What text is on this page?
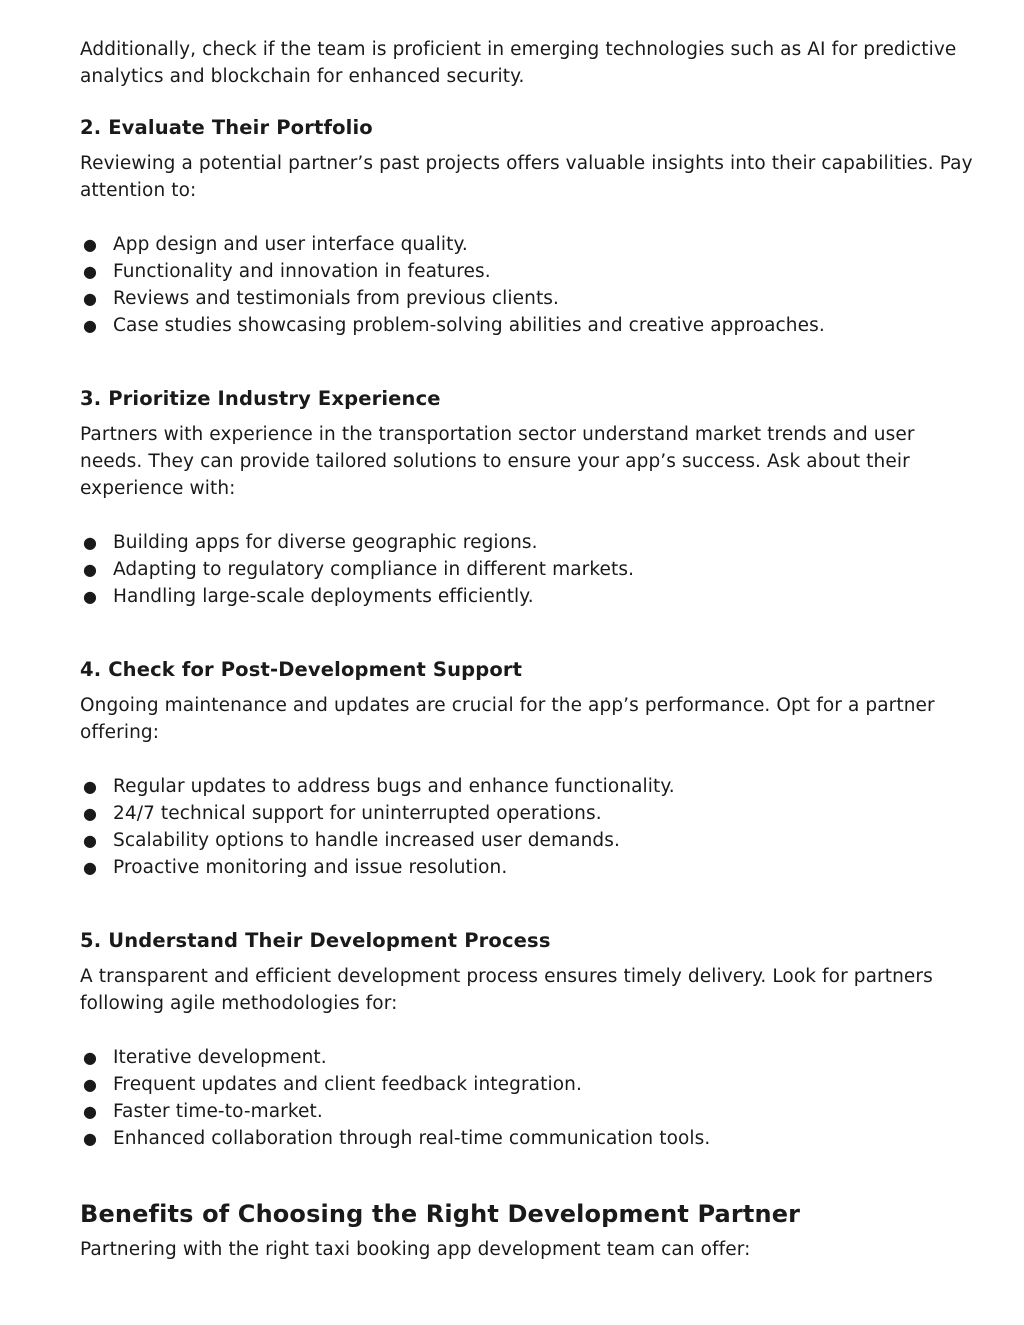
Additionally, check if the team is proficient in emerging technologies such as AI for predictive analytics and blockchain for enhanced security.

2. Evaluate Their Portfolio

Reviewing a potential partner’s past projects offers valuable insights into their capabilities. Pay attention to:

● App design and user interface quality.
● Functionality and innovation in features.
● Reviews and testimonials from previous clients.
● Case studies showcasing problem-solving abilities and creative approaches.
3. Prioritize Industry Experience

Partners with experience in the transportation sector understand market trends and user needs. They can provide tailored solutions to ensure your app’s success. Ask about their experience with:

● Building apps for diverse geographic regions.
● Adapting to regulatory compliance in different markets.
● Handling large-scale deployments efficiently.
4. Check for Post-Development Support

Ongoing maintenance and updates are crucial for the app’s performance. Opt for a partner offering:

● Regular updates to address bugs and enhance functionality.
● 24/7 technical support for uninterrupted operations.
● Scalability options to handle increased user demands.
● Proactive monitoring and issue resolution.
5. Understand Their Development Process

A transparent and efficient development process ensures timely delivery. Look for partners following agile methodologies for:

● Iterative development.
● Frequent updates and client feedback integration.
● Faster time-to-market.
● Enhanced collaboration through real-time communication tools.
Benefits of Choosing the Right Development Partner

Partnering with the right taxi booking app development team can offer:
